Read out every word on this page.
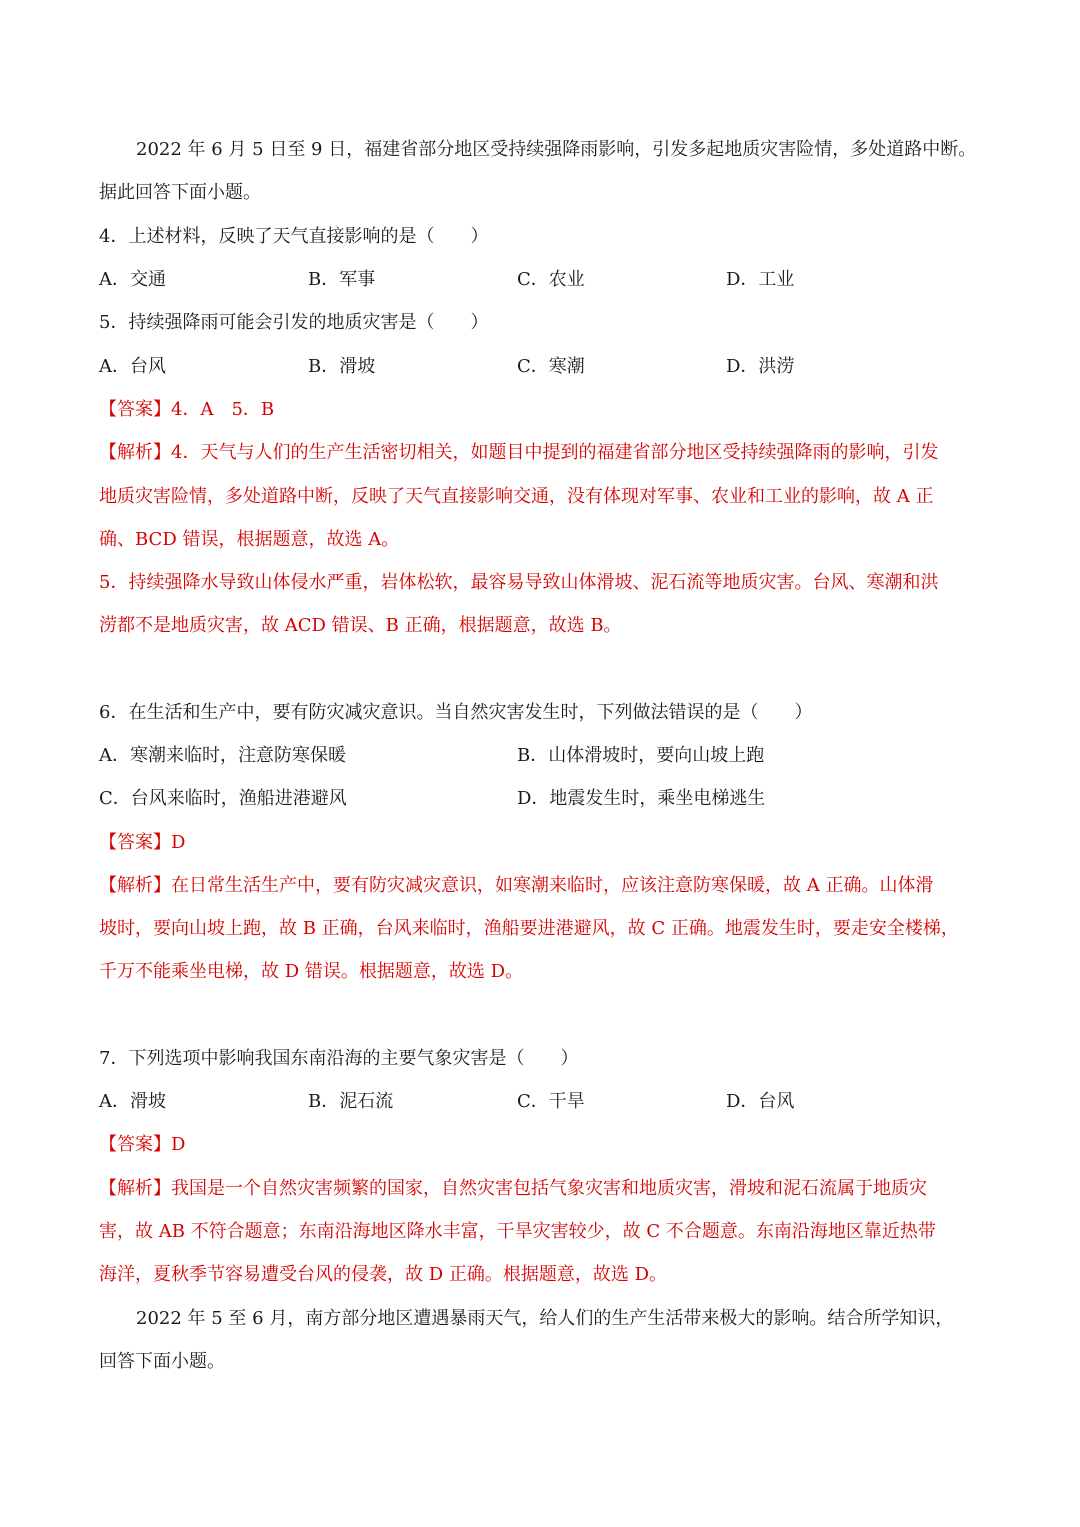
2022 年 6 月 5 日至 9 日，福建省部分地区受持续强降雨影响，引发多起地质灾害险情，多处道路中断。
据此回答下面小题。
4．上述材料，反映了天气直接影响的是（　　）
A．交通	B．军事	C．农业	D．工业
5．持续强降雨可能会引发的地质灾害是（　　）
A．台风	B．滑坡	C．寒潮	D．洪涝
【答案】4．A　5．B
【解析】4．天气与人们的生产生活密切相关，如题目中提到的福建省部分地区受持续强降雨的影响，引发
地质灾害险情，多处道路中断，反映了天气直接影响交通，没有体现对军事、农业和工业的影响，故 A 正
确、BCD 错误，根据题意，故选 A。
5．持续强降水导致山体侵水严重，岩体松软，最容易导致山体滑坡、泥石流等地质灾害。台风、寒潮和洪
涝都不是地质灾害，故 ACD 错误、B 正确，根据题意，故选 B。
6．在生活和生产中，要有防灾减灾意识。当自然灾害发生时，下列做法错误的是（　　）
A．寒潮来临时，注意防寒保暖	B．山体滑坡时，要向山坡上跑
C．台风来临时，渔船进港避风	D．地震发生时，乘坐电梯逃生
【答案】D
【解析】在日常生活生产中，要有防灾减灾意识，如寒潮来临时，应该注意防寒保暖，故 A 正确。山体滑
坡时，要向山坡上跑，故 B 正确，台风来临时，渔船要进港避风，故 C 正确。地震发生时，要走安全楼梯，
千万不能乘坐电梯，故 D 错误。根据题意，故选 D。
7．下列选项中影响我国东南沿海的主要气象灾害是（　　）
A．滑坡	B．泥石流	C．干旱	D．台风
【答案】D
【解析】我国是一个自然灾害频繁的国家，自然灾害包括气象灾害和地质灾害，滑坡和泥石流属于地质灾
害，故 AB 不符合题意；东南沿海地区降水丰富，干旱灾害较少，故 C 不合题意。东南沿海地区靠近热带
海洋，夏秋季节容易遭受台风的侵袭，故 D 正确。根据题意，故选 D。
2022 年 5 至 6 月，南方部分地区遭遇暴雨天气，给人们的生产生活带来极大的影响。结合所学知识，
回答下面小题。
